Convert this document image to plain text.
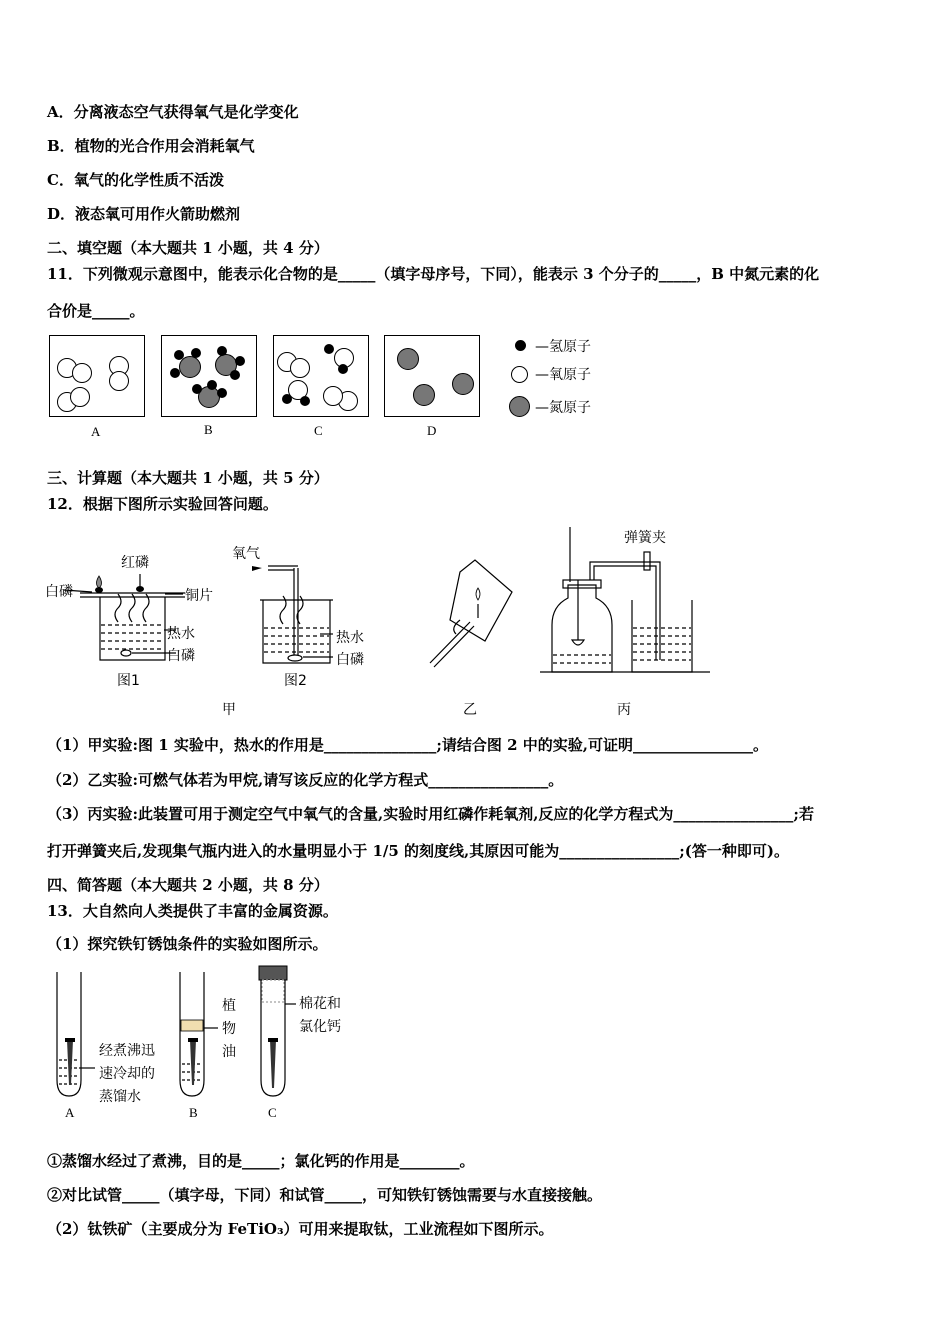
A．分离液态空气获得氧气是化学变化
B．植物的光合作用会消耗氧气
C．氧气的化学性质不活泼
D．液态氧可用作火箭助燃剂
二、填空题（本大题共 1 小题，共 4 分）
11．下列微观示意图中，能表示化合物的是_____（填字母序号，下同），能表示 3 个分子的_____，B 中氮元素的化
合价是_____。
A	B	C	D
—氢原子
—氧原子
—氮原子
三、计算题（本大题共 1 小题，共 5 分）
12．根据下图所示实验回答问题。
红磷
白磷	铜片
热水
白磷
图1
氧气
热水
白磷
图2
甲	乙	丙
弹簧夹
（1）甲实验:图 1 实验中，热水的作用是_______________;请结合图 2 中的实验,可证明________________。
（2）乙实验:可燃气体若为甲烷,请写该反应的化学方程式________________。
（3）丙实验:此装置可用于测定空气中氧气的含量,实验时用红磷作耗氧剂,反应的化学方程式为________________;若
打开弹簧夹后,发现集气瓶内进入的水量明显小于 1/5 的刻度线,其原因可能为________________;(答一种即可)。
四、简答题（本大题共 2 小题，共 8 分）
13．大自然向人类提供了丰富的金属资源。
（1）探究铁钉锈蚀条件的实验如图所示。
经煮沸迅
速冷却的
蒸馏水
植
物
油
棉花和
氯化钙
A	B	C
①蒸馏水经过了煮沸，目的是_____；氯化钙的作用是________。
②对比试管_____（填字母，下同）和试管_____，可知铁钉锈蚀需要与水直接接触。
（2）钛铁矿（主要成分为 FeTiO₃）可用来提取钛，工业流程如下图所示。
